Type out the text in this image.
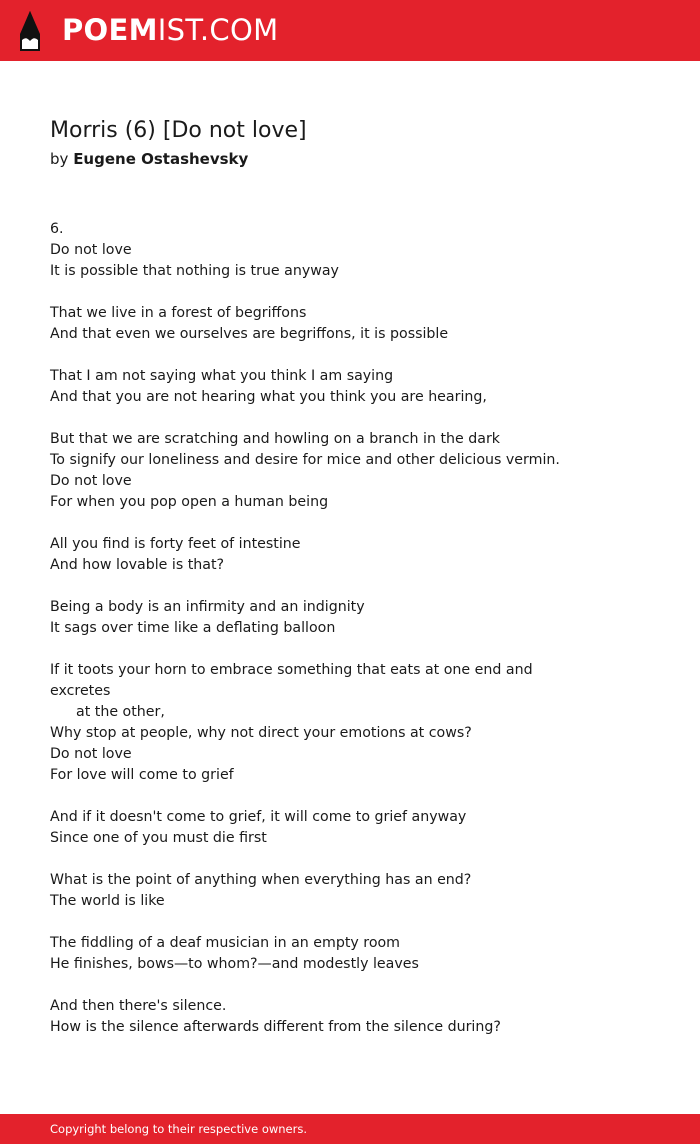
POEMIST.COM
Morris (6) [Do not love]
by Eugene Ostashevsky
6.
Do not love
It is possible that nothing is true anyway
That we live in a forest of begriffons
And that even we ourselves are begriffons, it is possible
That I am not saying what you think I am saying
And that you are not hearing what you think you are hearing,
But that we are scratching and howling on a branch in the dark
To signify our loneliness and desire for mice and other delicious vermin.
Do not love
For when you pop open a human being
All you find is forty feet of intestine
And how lovable is that?
Being a body is an infirmity and an indignity
It sags over time like a deflating balloon
If it toots your horn to embrace something that eats at one end and
excretes
at the other,
Why stop at people, why not direct your emotions at cows?
Do not love
For love will come to grief
And if it doesn't come to grief, it will come to grief anyway
Since one of you must die first
What is the point of anything when everything has an end?
The world is like
The fiddling of a deaf musician in an empty room
He finishes, bows—to whom?—and modestly leaves
And then there's silence.
How is the silence afterwards different from the silence during?
Copyright belong to their respective owners.
